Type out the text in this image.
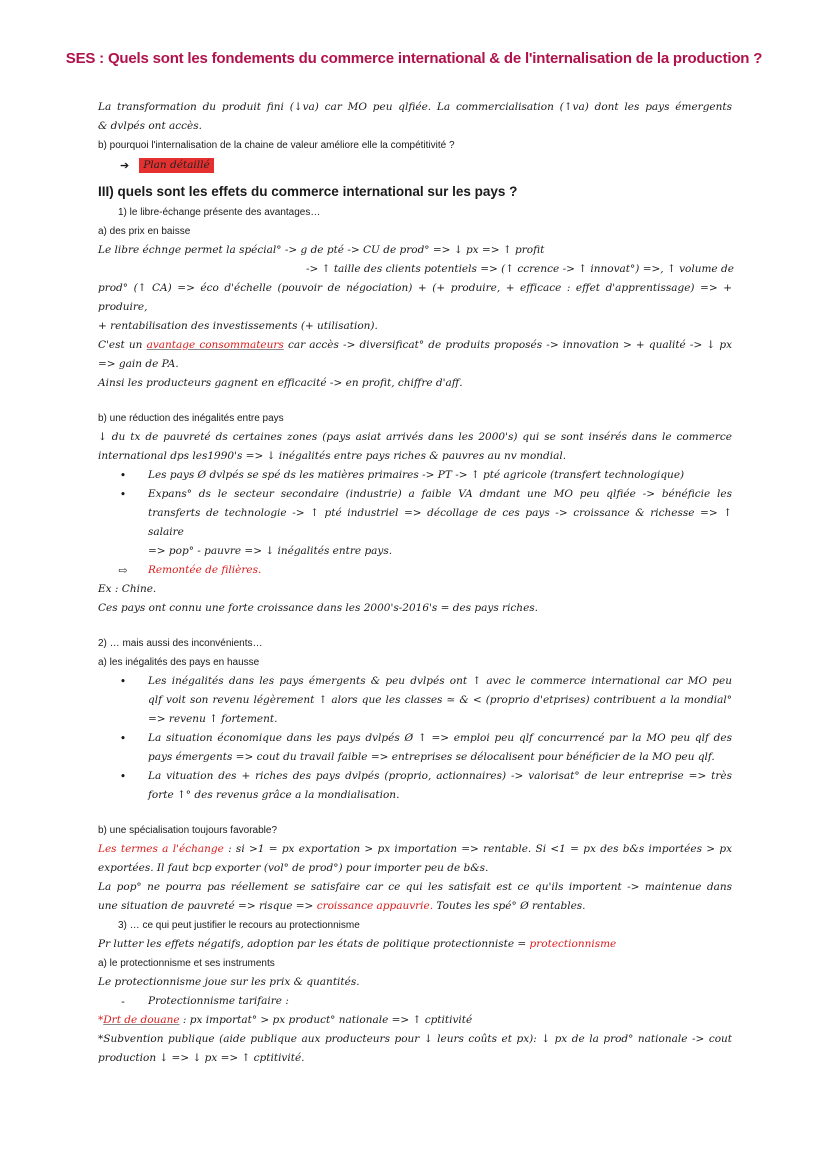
SES : Quels sont les fondements du commerce international & de l'internalisation de la production ?
La transformation du produit fini (↓va) car MO peu qlfiée. La commercialisation (↑va) dont les pays émergents
& dvlpés ont accès.
b) pourquoi l'internalisation de la chaine de valeur améliore elle la compétitivité ?
➔	Plan détaillé
III) quels sont les effets du commerce international sur les pays ?
1) le libre-échange présente des avantages…
a) des prix en baisse
Le libre échnge permet la spécial° -> g de pté -> CU de prod° => ↓ px => ↑ profit
-> ↑ taille des clients potentiels => (↑ ccrence -> ↑ innovat°) =>, ↑ volume de
prod° (↑ CA) => éco d'échelle (pouvoir de négociation) + (+ produire, + efficace : effet d'apprentissage) => + produire,
+ rentabilisation des investissements (+ utilisation).
C'est un avantage consommateurs car accès -> diversificat° de produits proposés -> innovation > + qualité -> ↓ px
=> gain de PA.
Ainsi les producteurs gagnent en efficacité -> en profit, chiffre d'aff.
b) une réduction des inégalités entre pays
↓ du tx de pauvreté ds certaines zones (pays asiat arrivés dans les 2000's) qui se sont insérés dans le commerce
international dps les1990's => ↓ inégalités entre pays riches & pauvres au nv mondial.
•	Les pays Ø dvlpés se spé ds les matières primaires -> PT -> ↑ pté agricole (transfert technologique)
•	Expans° ds le secteur secondaire (industrie) a faible VA dmdant une MO peu qlfiée -> bénéficie les
transferts de technologie -> ↑ pté industriel => décollage de ces pays -> croissance & richesse => ↑ salaire
=> pop° - pauvre => ↓ inégalités entre pays.
⇨	Remontée de filières.
Ex : Chine.
Ces pays ont connu une forte croissance dans les 2000's-2016's = des pays riches.
2) … mais aussi des inconvénients…
a) les inégalités des pays en hausse
•	Les inégalités dans les pays émergents & peu dvlpés ont ↑ avec le commerce international car MO peu
qlf voit son revenu légèrement ↑ alors que les classes ≃ & < (proprio d'etprises) contribuent a la mondial°
=> revenu ↑ fortement.
•	La situation économique dans les pays dvlpés Ø ↑ => emploi peu qlf concurrencé par la MO peu qlf des
pays émergents => cout du travail faible => entreprises se délocalisent pour bénéficier de la MO peu qlf.
•	La vituation des + riches des pays dvlpés (proprio, actionnaires) -> valorisat° de leur entreprise => très
forte ↑° des revenus grâce a la mondialisation.
b) une spécialisation toujours favorable?
Les termes a l'échange : si >1 = px exportation > px importation => rentable. Si <1 = px des b&s importées > px
exportées. Il faut bcp exporter (vol° de prod°) pour importer peu de b&s.
La pop° ne pourra pas réellement se satisfaire car ce qui les satisfait est ce qu'ils importent -> maintenue dans
une situation de pauvreté => risque => croissance appauvrie. Toutes les spé° Ø rentables.
3) … ce qui peut justifier le recours au protectionnisme
Pr lutter les effets négatifs, adoption par les états de politique protectionniste = protectionnisme
a) le protectionnisme et ses instruments
Le protectionnisme joue sur les prix & quantités.
-	Protectionnisme tarifaire :
*Drt de douane : px importat° > px product° nationale => ↑ cptitivité
*Subvention publique (aide publique aux producteurs pour ↓ leurs coûts et px): ↓ px de la prod° nationale -> cout
production ↓ => ↓ px => ↑ cptitivité.
